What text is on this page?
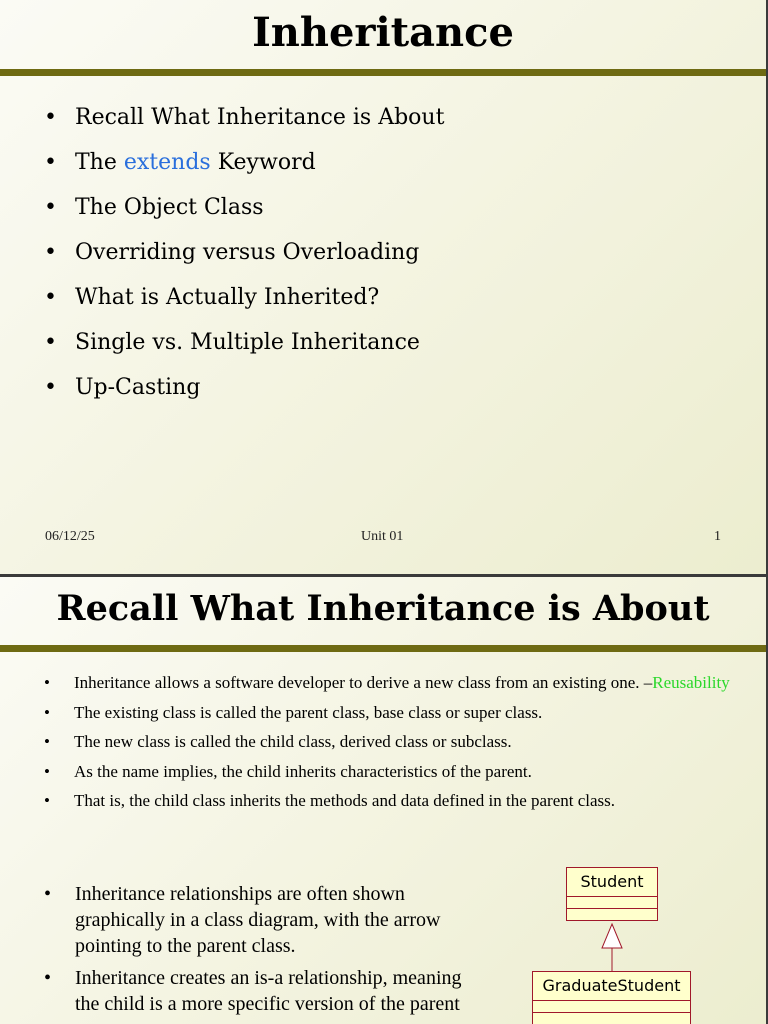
Inheritance
• Recall What Inheritance is About
• The extends Keyword
• The Object Class
• Overriding versus Overloading
• What is Actually Inherited?
• Single vs. Multiple Inheritance
• Up-Casting
06/12/25	Unit 01	1
Recall What Inheritance is About
• Inheritance allows a software developer to derive a new class from an existing one. –Reusability
• The existing class is called the parent class, base class or super class.
• The new class is called the child class, derived class or subclass.
• As the name implies, the child inherits characteristics of the parent.
• That is, the child class inherits the methods and data defined in the parent class.
• Inheritance relationships are often shown graphically in a class diagram, with the arrow pointing to the parent class.
• Inheritance creates an is-a relationship, meaning the child is a more specific version of the parent
Student
GraduateStudent
